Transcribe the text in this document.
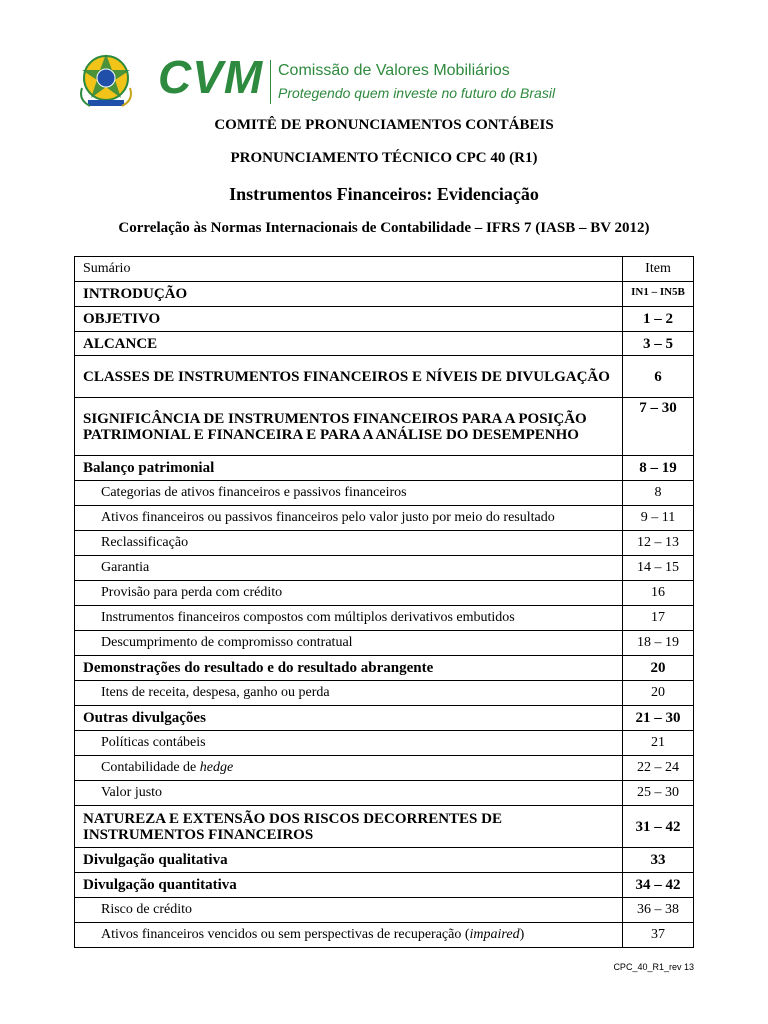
CVM Comissão de Valores Mobiliários
Protegendo quem investe no futuro do Brasil
COMITÊ DE PRONUNCIAMENTOS CONTÁBEIS
PRONUNCIAMENTO TÉCNICO CPC 40 (R1)
Instrumentos Financeiros: Evidenciação
Correlação às Normas Internacionais de Contabilidade – IFRS 7 (IASB – BV 2012)
Sumário	Item
INTRODUÇÃO	IN1 – IN5B
OBJETIVO	1 – 2
ALCANCE	3 – 5
CLASSES DE INSTRUMENTOS FINANCEIROS E NÍVEIS DE DIVULGAÇÃO	6
SIGNIFICÂNCIA DE INSTRUMENTOS FINANCEIROS PARA A POSIÇÃO PATRIMONIAL E FINANCEIRA E PARA A ANÁLISE DO DESEMPENHO	7 – 30
Balanço patrimonial	8 – 19
Categorias de ativos financeiros e passivos financeiros	8
Ativos financeiros ou passivos financeiros pelo valor justo por meio do resultado	9 – 11
Reclassificação	12 – 13
Garantia	14 – 15
Provisão para perda com crédito	16
Instrumentos financeiros compostos com múltiplos derivativos embutidos	17
Descumprimento de compromisso contratual	18 – 19
Demonstrações do resultado e do resultado abrangente	20
Itens de receita, despesa, ganho ou perda	20
Outras divulgações	21 – 30
Políticas contábeis	21
Contabilidade de hedge	22 – 24
Valor justo	25 – 30
NATUREZA E EXTENSÃO DOS RISCOS DECORRENTES DE INSTRUMENTOS FINANCEIROS	31 – 42
Divulgação qualitativa	33
Divulgação quantitativa	34 – 42
Risco de crédito	36 – 38
Ativos financeiros vencidos ou sem perspectivas de recuperação (impaired)	37
CPC_40_R1_rev 13
